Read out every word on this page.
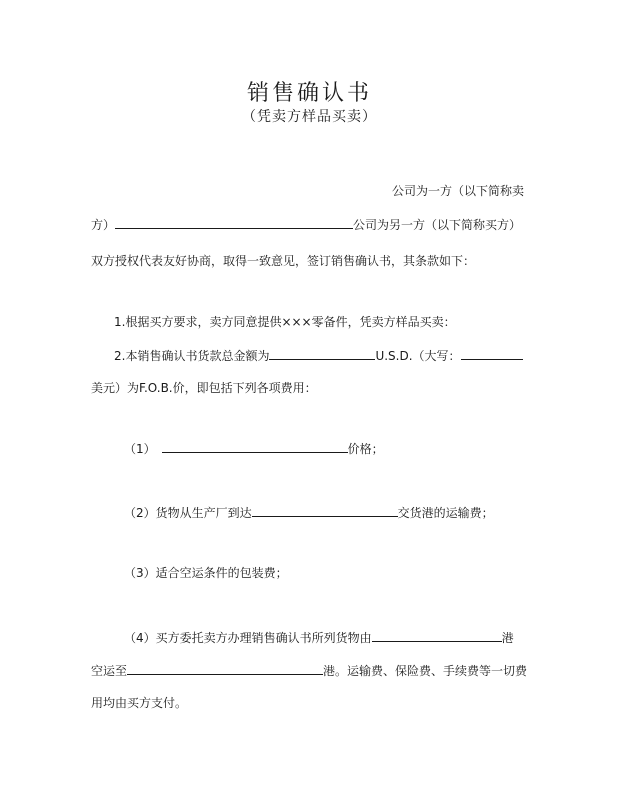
销售确认书
（凭卖方样品买卖）
公司为一方（以下简称卖
方）	公司为另一方（以下简称买方）
双方授权代表友好协商，取得一致意见，签订销售确认书，其条款如下：
1.根据买方要求，卖方同意提供×××零备件，凭卖方样品买卖：
2.本销售确认书货款总金额为	U.S.D.（大写：
美元）为F.O.B.价，即包括下列各项费用：
（1）	价格；
（2）货物从生产厂到达	交货港的运输费；
（3）适合空运条件的包装费；
（4）买方委托卖方办理销售确认书所列货物由	港
空运至	港。运输费、保险费、手续费等一切费
用均由买方支付。
